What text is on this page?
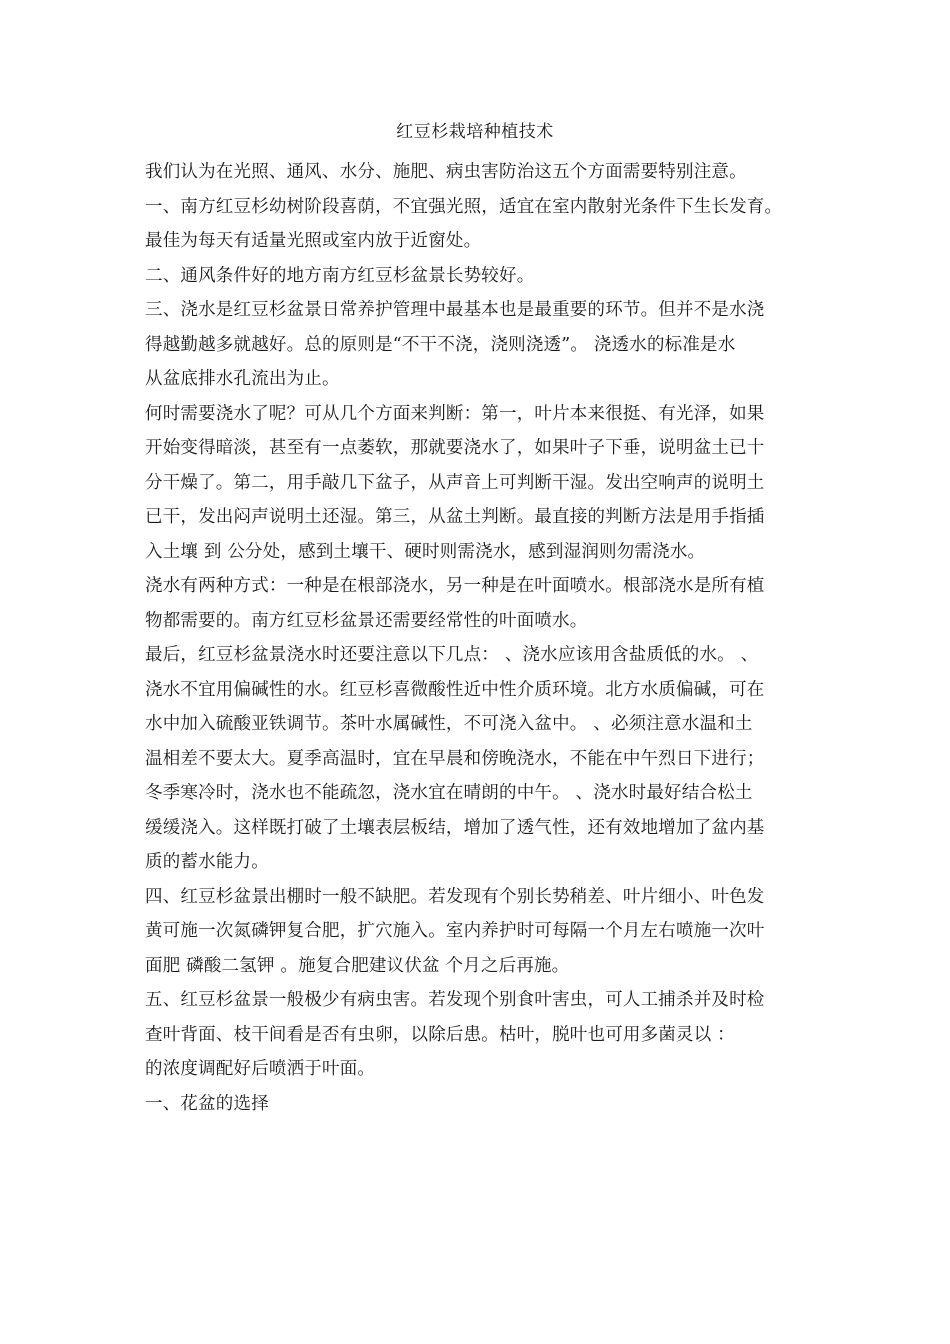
红豆杉栽培种植技术
我们认为在光照、通风、水分、施肥、病虫害防治这五个方面需要特别注意。
一、南方红豆杉幼树阶段喜荫，不宜强光照，适宜在室内散射光条件下生长发育。
最佳为每天有适量光照或室内放于近窗处。
二、通风条件好的地方南方红豆杉盆景长势较好。
三、浇水是红豆杉盆景日常养护管理中最基本也是最重要的环节。但并不是水浇
得越勤越多就越好。总的原则是“不干不浇，浇则浇透”。 浇透水的标准是水
从盆底排水孔流出为止。
何时需要浇水了呢？可从几个方面来判断：第一，叶片本来很挺、有光泽，如果
开始变得暗淡，甚至有一点萎软，那就要浇水了，如果叶子下垂，说明盆土已十
分干燥了。第二，用手敲几下盆子，从声音上可判断干湿。发出空响声的说明土
已干，发出闷声说明土还湿。第三，从盆土判断。最直接的判断方法是用手指插
入土壤 到 公分处，感到土壤干、硬时则需浇水，感到湿润则勿需浇水。
浇水有两种方式：一种是在根部浇水，另一种是在叶面喷水。根部浇水是所有植
物都需要的。南方红豆杉盆景还需要经常性的叶面喷水。
最后，红豆杉盆景浇水时还要注意以下几点： 、浇水应该用含盐质低的水。 、
浇水不宜用偏碱性的水。红豆杉喜微酸性近中性介质环境。北方水质偏碱，可在
水中加入硫酸亚铁调节。茶叶水属碱性，不可浇入盆中。 、必须注意水温和土
温相差不要太大。夏季高温时，宜在早晨和傍晚浇水，不能在中午烈日下进行；
冬季寒冷时，浇水也不能疏忽，浇水宜在晴朗的中午。 、浇水时最好结合松土
缓缓浇入。这样既打破了土壤表层板结，增加了透气性，还有效地增加了盆内基
质的蓄水能力。
四、红豆杉盆景出棚时一般不缺肥。若发现有个别长势稍差、叶片细小、叶色发
黄可施一次氮磷钾复合肥，扩穴施入。室内养护时可每隔一个月左右喷施一次叶
面肥 磷酸二氢钾 。施复合肥建议伏盆 个月之后再施。
五、红豆杉盆景一般极少有病虫害。若发现个别食叶害虫，可人工捕杀并及时检
查叶背面、枝干间看是否有虫卵，以除后患。枯叶，脱叶也可用多菌灵以 ：
的浓度调配好后喷洒于叶面。
一、花盆的选择
